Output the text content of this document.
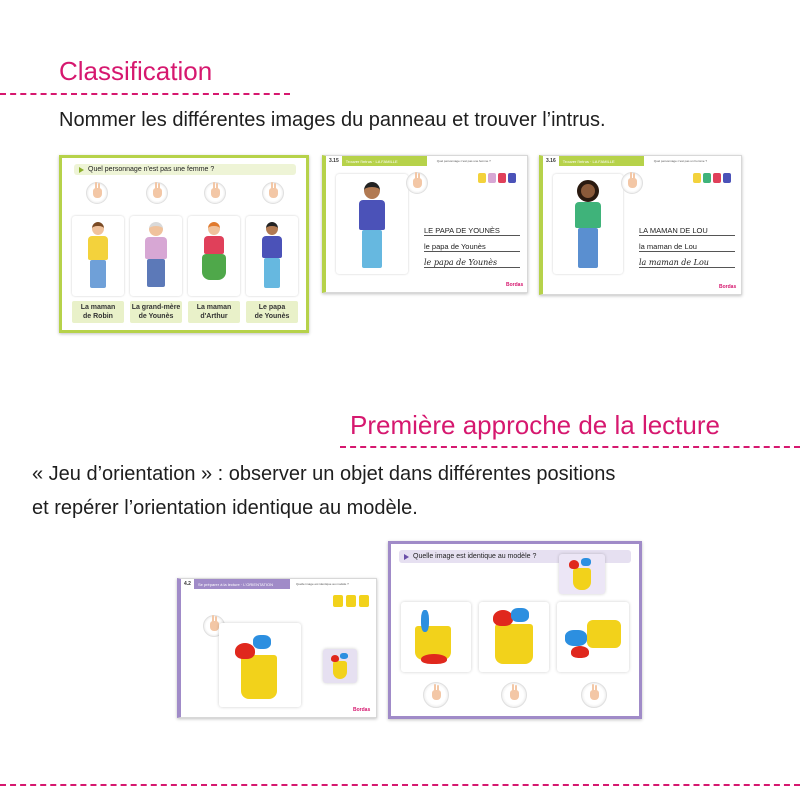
Classification
Nommer les différentes images du panneau et trouver l’intrus.
Quel personnage n'est pas une femme ?
La maman
de Robin
La grand-mère
de Younès
La maman
d'Arthur
Le papa
de Younès
3.15	Trouver l'intrus · LA FAMILLE	Quel personnage n'est pas une femme ?
LE PAPA DE YOUNÈS
le papa de Younès
le papa de Younès
Bordas
3.16	Trouver l'intrus · LA FAMILLE	Quel personnage n'est pas un homme ?
LA MAMAN DE LOU
la maman de Lou
la maman de Lou
Bordas
Première approche de la lecture
« Jeu d’orientation » : observer un objet dans différentes positions
et repérer l’orientation identique au modèle.
4.2	Se préparer à la lecture · L'ORIENTATION	Quelle image est identique au modèle ?
Bordas
Quelle image est identique au modèle ?
